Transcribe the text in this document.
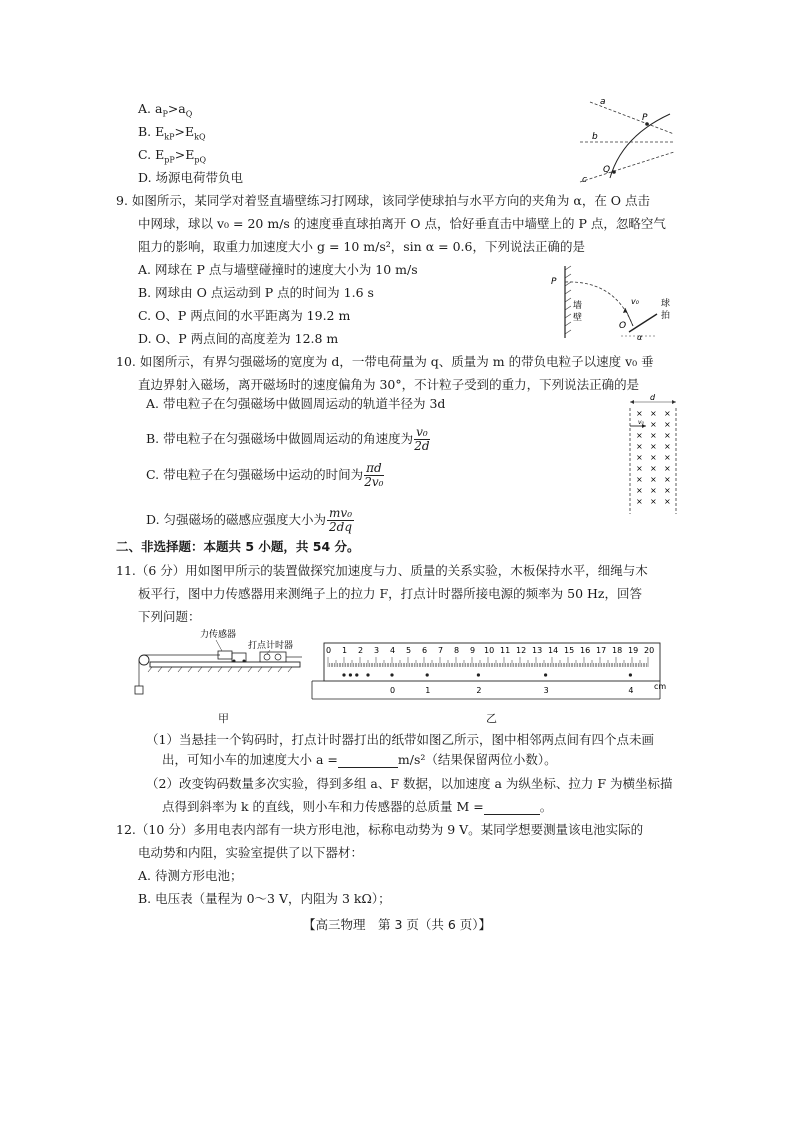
A. $a_P>a_Q$
B. $E_{kP}>E_{kQ}$
C. $E_{pP}>E_{pQ}$
D. 场源电荷带负电
a
b
c
P
Q
9. 如图所示，某同学对着竖直墙壁练习打网球，该同学使球拍与水平方向的夹角为 α，在 O 点击
中网球，球以 v₀ = 20 m/s 的速度垂直球拍离开 O 点，恰好垂直击中墙壁上的 P 点，忽略空气
阻力的影响，取重力加速度大小 g = 10 m/s²，sin α = 0.6，下列说法正确的是
A. 网球在 P 点与墙壁碰撞时的速度大小为 10 m/s
B. 网球由 O 点运动到 P 点的时间为 1.6 s
C. O、P 两点间的水平距离为 19.2 m
D. O、P 两点间的高度差为 12.8 m
P
墙
壁
v₀
O
α
球
拍
10. 如图所示，有界匀强磁场的宽度为 d，一带电荷量为 q、质量为 m 的带负电粒子以速度 v₀ 垂
直边界射入磁场，离开磁场时的速度偏角为 30°，不计粒子受到的重力，下列说法正确的是
A. 带电粒子在匀强磁场中做圆周运动的轨道半径为 3d
B. 带电粒子在匀强磁场中做圆周运动的角速度为 $\frac{\text{v₀}}{2d}$
C. 带电粒子在匀强磁场中运动的时间为 $\frac{\pi d}{\text{2v₀}}$
D. 匀强磁场的磁感应强度大小为 $\frac{\text{mv₀}}{2dq}$
d
v₀
× × ×
× ×
× × ×
× × ×
× × ×
× × ×
× × ×
× × ×
× × ×
二、非选择题：本题共 5 小题，共 54 分。
11.（6 分）用如图甲所示的装置做探究加速度与力、质量的关系实验，木板保持水平，细绳与木
板平行，图中力传感器用来测绳子上的拉力 F，打点计时器所接电源的频率为 50 Hz，回答
下列问题：
力传感器
打点计时器
cm
0 1 2 3 4 5 6 7 8 9 10 11 12 13 14 15 16 17 18 19 20
0	1	2	3	4
甲	乙
（1）当悬挂一个钩码时，打点计时器打出的纸带如图乙所示，图中相邻两点间有四个点未画
出，可知小车的加速度大小 a =	m/s²（结果保留两位小数）。
（2）改变钩码数量多次实验，得到多组 a、F 数据，以加速度 a 为纵坐标、拉力 F 为横坐标描
点得到斜率为 k 的直线，则小车和力传感器的总质量 M =	。
12.（10 分）多用电表内部有一块方形电池，标称电动势为 9 V。某同学想要测量该电池实际的
电动势和内阻，实验室提供了以下器材：
A. 待测方形电池；
B. 电压表（量程为 0～3 V，内阻为 3 kΩ）；
【高三物理　第 3 页（共 6 页）】
